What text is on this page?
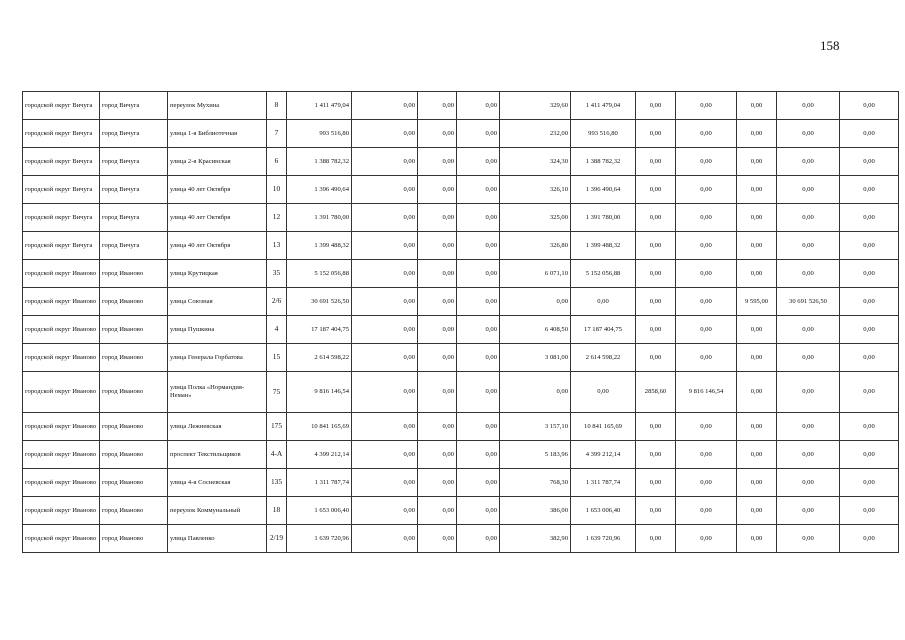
158
городской округ Вичуга	город Вичуга	переулок Мухина	8	1 411 479,04	0,00	0,00	0,00	329,60	1 411 479,04	0,00	0,00	0,00	0,00	0,00
городской округ Вичуга	город Вичуга	улица 1-я Библиотечная	7	993 516,80	0,00	0,00	0,00	232,00	993 516,80	0,00	0,00	0,00	0,00	0,00
городской округ Вичуга	город Вичуга	улица 2-я Красинская	6	1 388 782,32	0,00	0,00	0,00	324,30	1 388 782,32	0,00	0,00	0,00	0,00	0,00
городской округ Вичуга	город Вичуга	улица 40 лет Октября	10	1 396 490,64	0,00	0,00	0,00	326,10	1 396 490,64	0,00	0,00	0,00	0,00	0,00
городской округ Вичуга	город Вичуга	улица 40 лет Октября	12	1 391 780,00	0,00	0,00	0,00	325,00	1 391 780,00	0,00	0,00	0,00	0,00	0,00
городской округ Вичуга	город Вичуга	улица 40 лет Октября	13	1 399 488,32	0,00	0,00	0,00	326,80	1 399 488,32	0,00	0,00	0,00	0,00	0,00
городской округ Иваново	город Иваново	улица Крутицкая	35	5 152 056,88	0,00	0,00	0,00	6 071,10	5 152 056,88	0,00	0,00	0,00	0,00	0,00
городской округ Иваново	город Иваново	улица Союзная	2/6	30 691 526,50	0,00	0,00	0,00	0,00	0,00	0,00	0,00	9 595,00	30 691 526,50	0,00
городской округ Иваново	город Иваново	улица Пушкина	4	17 187 404,75	0,00	0,00	0,00	6 408,50	17 187 404,75	0,00	0,00	0,00	0,00	0,00
городской округ Иваново	город Иваново	улица Генерала Горбатова	15	2 614 598,22	0,00	0,00	0,00	3 081,00	2 614 598,22	0,00	0,00	0,00	0,00	0,00
городской округ Иваново	город Иваново	улица Полка «Нормандия-Неман»	75	9 816 146,54	0,00	0,00	0,00	0,00	0,00	2858,60	9 816 146,54	0,00	0,00	0,00
городской округ Иваново	город Иваново	улица Лежневская	175	10 841 165,69	0,00	0,00	0,00	3 157,10	10 841 165,69	0,00	0,00	0,00	0,00	0,00
городской округ Иваново	город Иваново	проспект Текстильщиков	4-А	4 399 212,14	0,00	0,00	0,00	5 183,96	4 399 212,14	0,00	0,00	0,00	0,00	0,00
городской округ Иваново	город Иваново	улица 4-я Сосневская	135	1 311 787,74	0,00	0,00	0,00	768,30	1 311 787,74	0,00	0,00	0,00	0,00	0,00
городской округ Иваново	город Иваново	переулок Коммунальный	18	1 653 006,40	0,00	0,00	0,00	386,00	1 653 006,40	0,00	0,00	0,00	0,00	0,00
городской округ Иваново	город Иваново	улица Павленко	2/19	1 639 720,96	0,00	0,00	0,00	382,90	1 639 720,96	0,00	0,00	0,00	0,00	0,00
